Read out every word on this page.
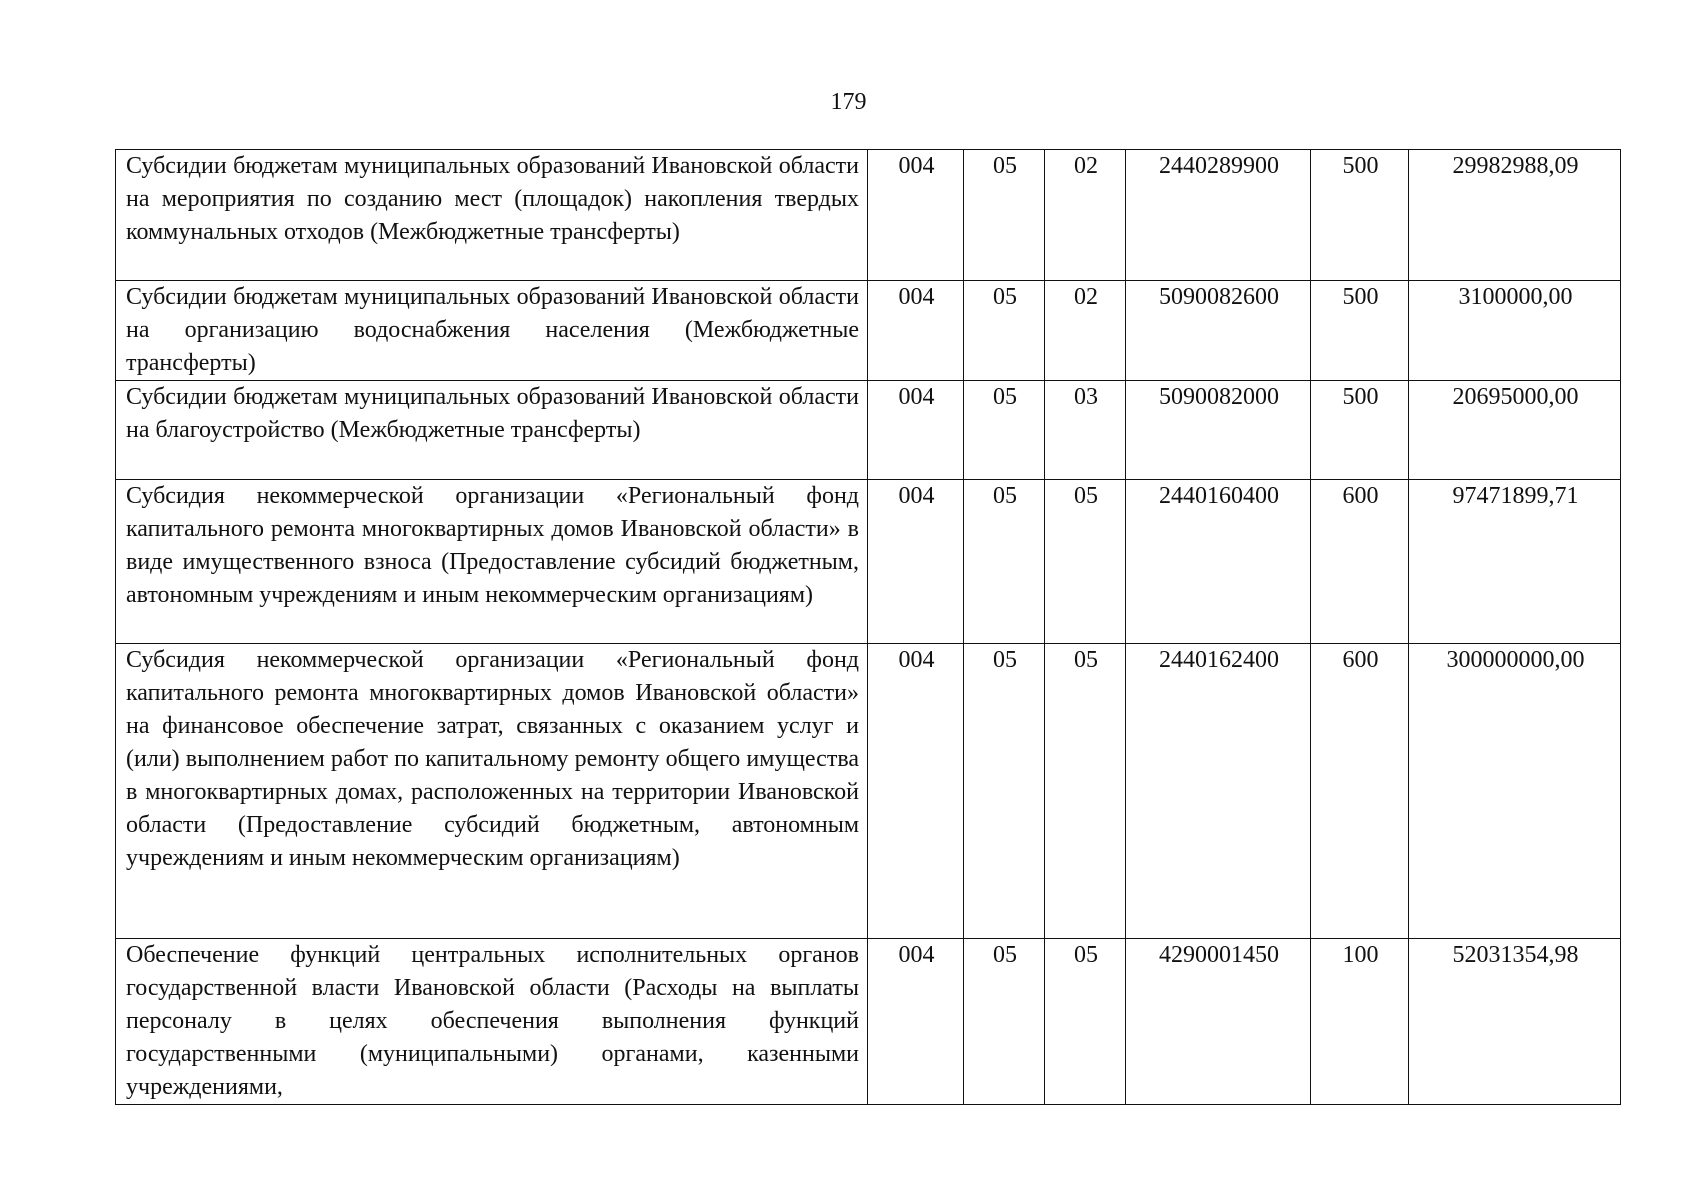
179
Субсидии бюджетам муниципальных образований Ивановской области на мероприятия по созданию мест (площадок) накопления твердых коммунальных отходов (Межбюджетные трансферты)	004	05	02	2440289900	500	29982988,09
Субсидии бюджетам муниципальных образований Ивановской области на организацию водоснабжения населения (Межбюджетные трансферты)	004	05	02	5090082600	500	3100000,00
Субсидии бюджетам муниципальных образований Ивановской области на благоустройство (Межбюджетные трансферты)	004	05	03	5090082000	500	20695000,00
Субсидия некоммерческой организации «Региональный фонд капитального ремонта многоквартирных домов Ивановской области» в виде имущественного взноса (Предоставление субсидий бюджетным, автономным учреждениям и иным некоммерческим организациям)	004	05	05	2440160400	600	97471899,71
Субсидия некоммерческой организации «Региональный фонд капитального ремонта многоквартирных домов Ивановской области» на финансовое обеспечение затрат, связанных с оказанием услуг и (или) выполнением работ по капитальному ремонту общего имущества в многоквартирных домах, расположенных на территории Ивановской области (Предоставление субсидий бюджетным, автономным учреждениям и иным некоммерческим организациям)	004	05	05	2440162400	600	300000000,00
Обеспечение функций центральных исполнительных органов государственной власти Ивановской области (Расходы на выплаты персоналу в целях обеспечения выполнения функций государственными (муниципальными) органами, казенными учреждениями,	004	05	05	4290001450	100	52031354,98
